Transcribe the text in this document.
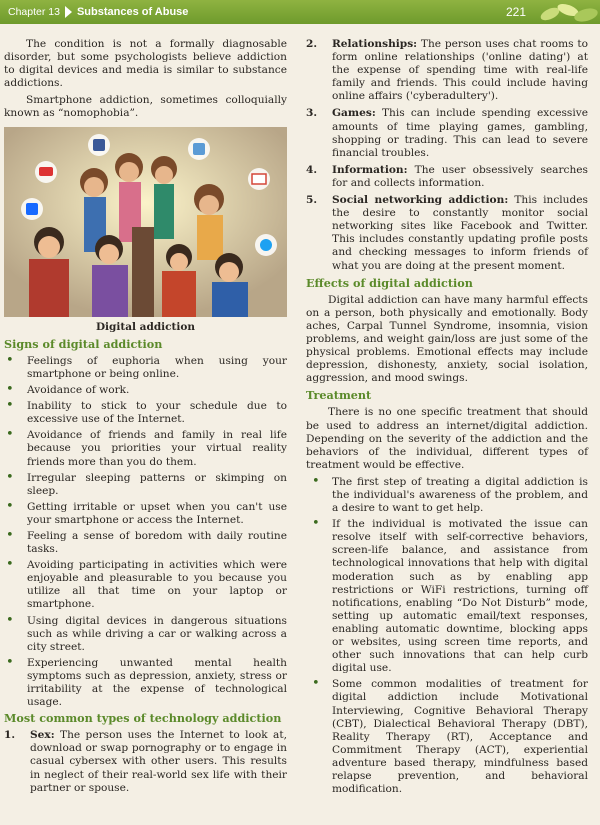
Chapter 13 Substances of Abuse	221

The condition is not a formally diagnosable disorder, but some psychologists believe addiction to digital devices and media is similar to substance addictions.

Smartphone addiction, sometimes colloquially known as “nomophobia”.

Digital addiction

Signs of digital addiction

• Feelings of euphoria when using your smartphone or being online.
• Avoidance of work.
• Inability to stick to your schedule due to excessive use of the Internet.
• Avoidance of friends and family in real life because you priorities your virtual reality friends more than you do them.
• Irregular sleeping patterns or skimping on sleep.
• Getting irritable or upset when you can't use your smartphone or access the Internet.
• Feeling a sense of boredom with daily routine tasks.
• Avoiding participating in activities which were enjoyable and pleasurable to you because you utilize all that time on your laptop or smartphone.
• Using digital devices in dangerous situations such as while driving a car or walking across a city street.
• Experiencing unwanted mental health symptoms such as depression, anxiety, stress or irritability at the expense of technological usage.

Most common types of technology addiction

1. Sex: The person uses the Internet to look at, download or swap pornography or to engage in casual cybersex with other users. This results in neglect of their real-world sex life with their partner or spouse.
2. Relationships: The person uses chat rooms to form online relationships ('online dating') at the expense of spending time with real-life family and friends. This could include having online affairs ('cyberadultery').
3. Games: This can include spending excessive amounts of time playing games, gambling, shopping or trading. This can lead to severe financial troubles.
4. Information: The user obsessively searches for and collects information.
5. Social networking addiction: This includes the desire to constantly monitor social networking sites like Facebook and Twitter. This includes constantly updating profile posts and checking messages to inform friends of what you are doing at the present moment.

Effects of digital addiction

Digital addiction can have many harmful effects on a person, both physically and emotionally. Body aches, Carpal Tunnel Syndrome, insomnia, vision problems, and weight gain/loss are just some of the physical problems. Emotional effects may include depression, dishonesty, anxiety, social isolation, aggression, and mood swings.

Treatment

There is no one specific treatment that should be used to address an internet/digital addiction. Depending on the severity of the addiction and the behaviors of the individual, different types of treatment would be effective.

• The first step of treating a digital addiction is the individual's awareness of the problem, and a desire to want to get help.
• If the individual is motivated the issue can resolve itself with self-corrective behaviors, screen-life balance, and assistance from technological innovations that help with digital moderation such as by enabling app restrictions or WiFi restrictions, turning off notifications, enabling “Do Not Disturb” mode, setting up automatic email/text responses, enabling automatic downtime, blocking apps or websites, using screen time reports, and other such innovations that can help curb digital use.
• Some common modalities of treatment for digital addiction include Motivational Interviewing, Cognitive Behavioral Therapy (CBT), Dialectical Behavioral Therapy (DBT), Reality Therapy (RT), Acceptance and Commitment Therapy (ACT), experiential adventure based therapy, mindfulness based relapse prevention, and behavioral modification.
